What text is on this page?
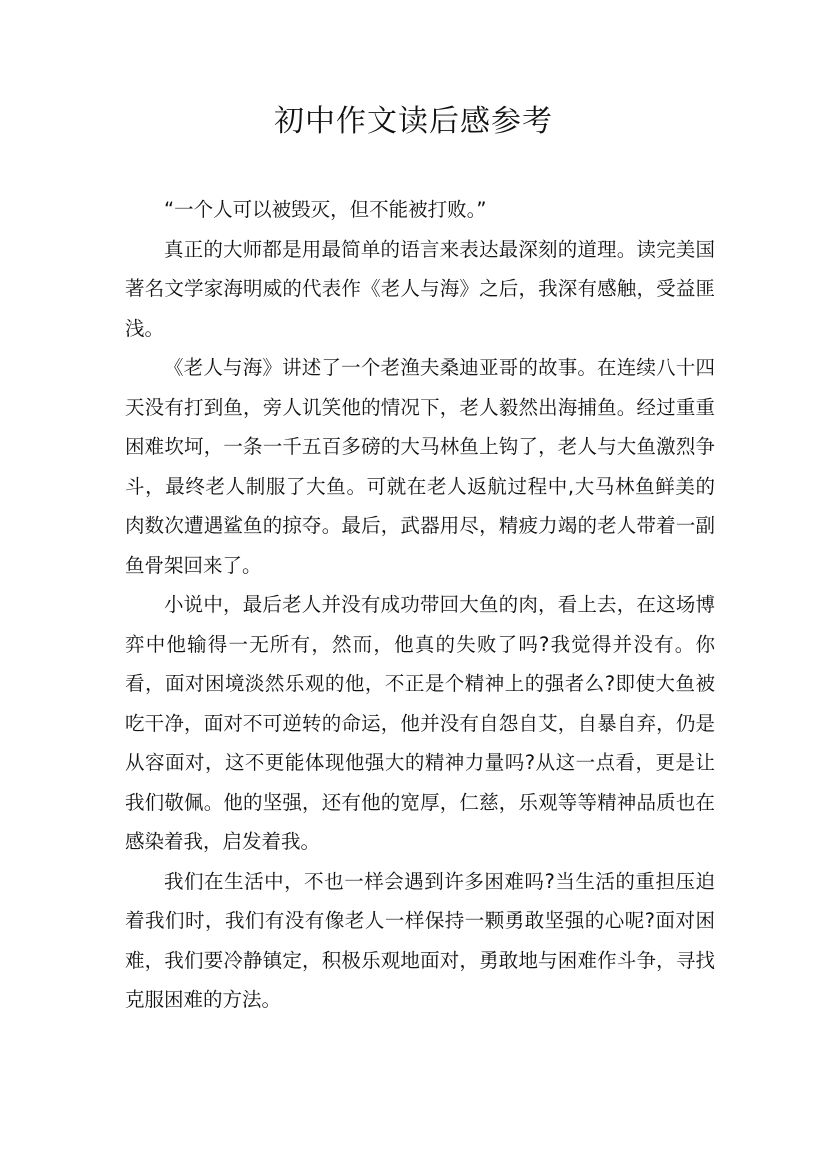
初中作文读后感参考

“一个人可以被毁灭，但不能被打败。”

真正的大师都是用最简单的语言来表达最深刻的道理。读完美国著名文学家海明威的代表作《老人与海》之后，我深有感触，受益匪浅。

《老人与海》讲述了一个老渔夫桑迪亚哥的故事。在连续八十四天没有打到鱼，旁人讥笑他的情况下，老人毅然出海捕鱼。经过重重困难坎坷，一条一千五百多磅的大马林鱼上钩了，老人与大鱼激烈争斗，最终老人制服了大鱼。可就在老人返航过程中,大马林鱼鲜美的肉数次遭遇鲨鱼的掠夺。最后，武器用尽，精疲力竭的老人带着一副鱼骨架回来了。

小说中，最后老人并没有成功带回大鱼的肉，看上去，在这场博弈中他输得一无所有，然而，他真的失败了吗?我觉得并没有。你看，面对困境淡然乐观的他，不正是个精神上的强者么?即使大鱼被吃干净，面对不可逆转的命运，他并没有自怨自艾，自暴自弃，仍是从容面对，这不更能体现他强大的精神力量吗?从这一点看，更是让我们敬佩。他的坚强，还有他的宽厚，仁慈，乐观等等精神品质也在感染着我，启发着我。

我们在生活中，不也一样会遇到许多困难吗?当生活的重担压迫着我们时，我们有没有像老人一样保持一颗勇敢坚强的心呢?面对困难，我们要冷静镇定，积极乐观地面对，勇敢地与困难作斗争，寻找克服困难的方法。
